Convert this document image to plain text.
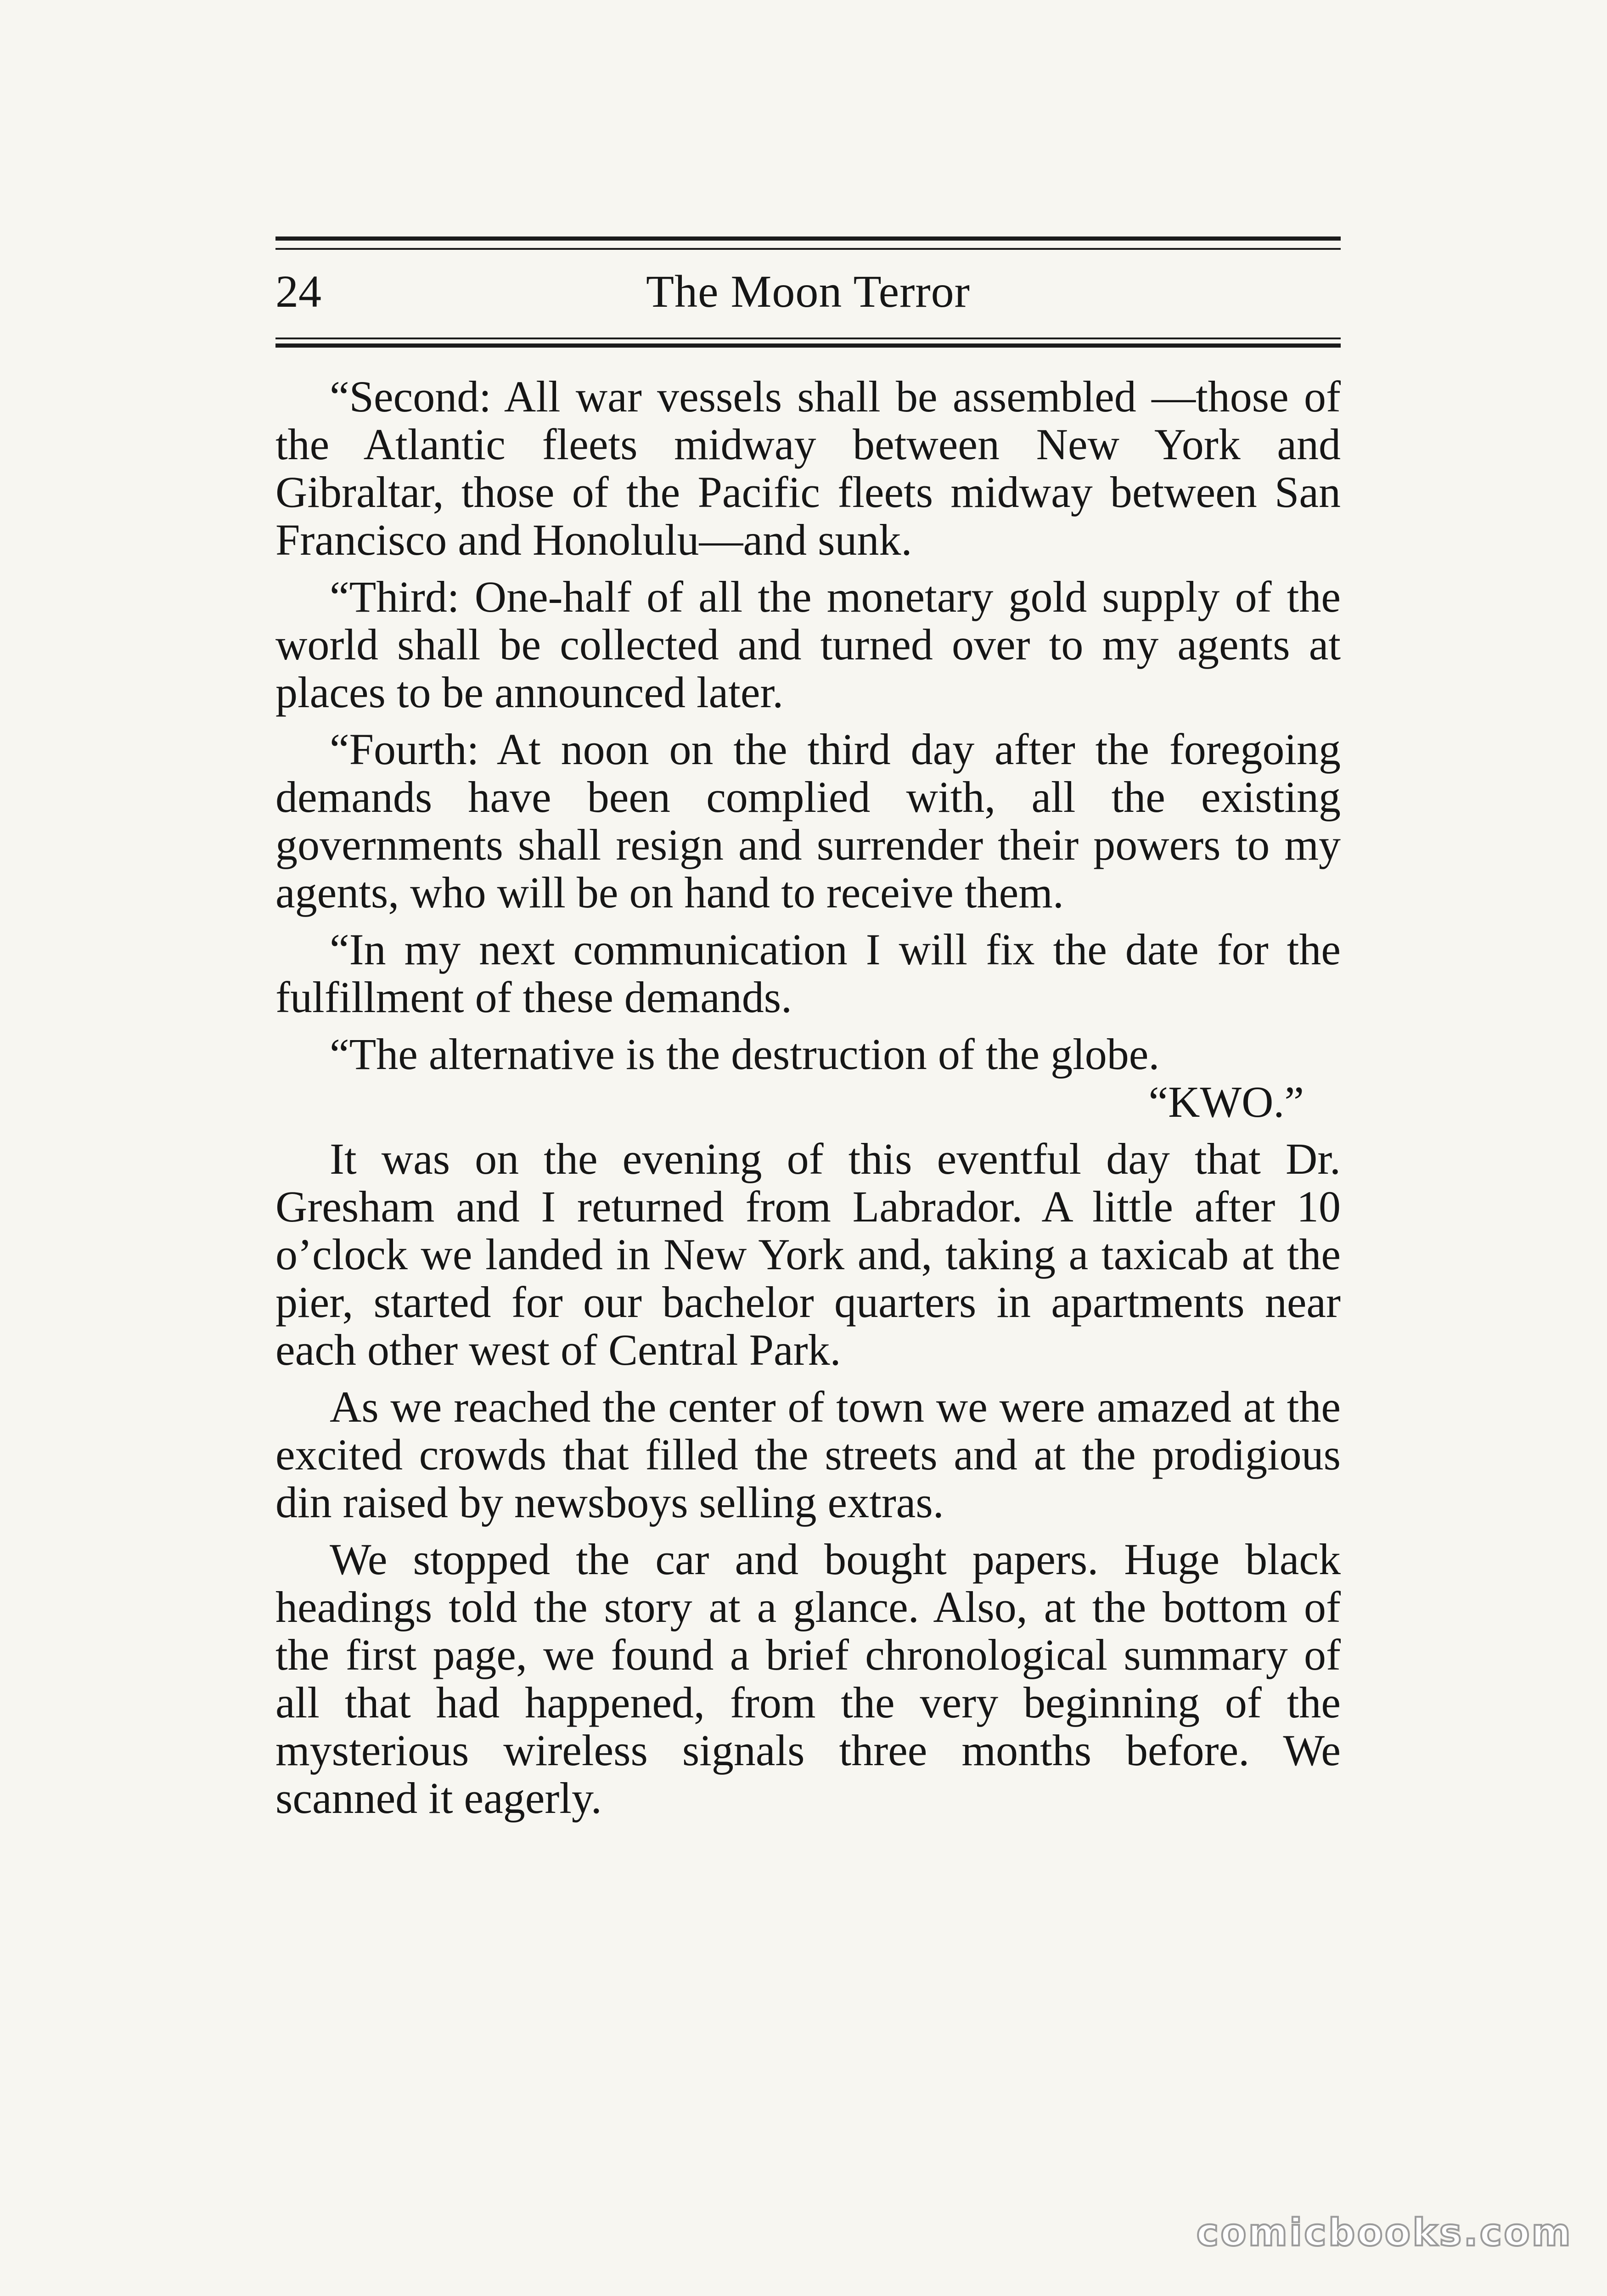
24	The Moon Terror

“Second: All war vessels shall be assembled —those of the Atlantic fleets midway between New York and Gibraltar, those of the Pacific fleets midway between San Francisco and Honolulu—and sunk.

“Third: One-half of all the monetary gold supply of the world shall be collected and turned over to my agents at places to be announced later.

“Fourth: At noon on the third day after the foregoing demands have been complied with, all the existing governments shall resign and surrender their powers to my agents, who will be on hand to receive them.

“In my next communication I will fix the date for the fulfillment of these demands.

“The alternative is the destruction of the globe.

“KWO.”

It was on the evening of this eventful day that Dr. Gresham and I returned from Labrador. A little after 10 o’clock we landed in New York and, taking a taxicab at the pier, started for our bachelor quarters in apartments near each other west of Central Park.

As we reached the center of town we were amazed at the excited crowds that filled the streets and at the prodigious din raised by newsboys selling extras.

We stopped the car and bought papers. Huge black headings told the story at a glance. Also, at the bottom of the first page, we found a brief chronological summary of all that had happened, from the very beginning of the mysterious wireless signals three months before. We scanned it eagerly.

comicbooks.com
